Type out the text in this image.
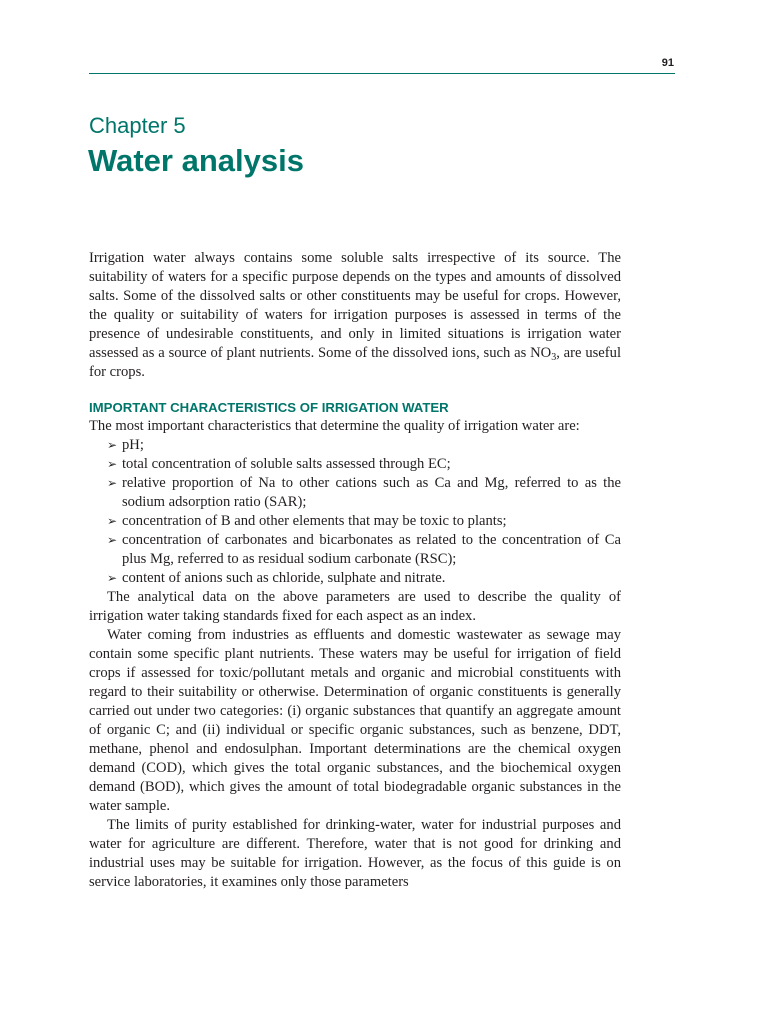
91
Chapter 5
Water analysis

Irrigation water always contains some soluble salts irrespective of its source. The suitability of waters for a specific purpose depends on the types and amounts of dissolved salts. Some of the dissolved salts or other constituents may be useful for crops. However, the quality or suitability of waters for irrigation purposes is assessed in terms of the presence of undesirable constituents, and only in limited situations is irrigation water assessed as a source of plant nutrients. Some of the dissolved ions, such as $NO_3$, are useful for crops.

IMPORTANT CHARACTERISTICS OF IRRIGATION WATER

The most important characteristics that determine the quality of irrigation water are:

➢ pH;
➢ total concentration of soluble salts assessed through EC;
➢ relative proportion of Na to other cations such as Ca and Mg, referred to as the sodium adsorption ratio (SAR);
➢ concentration of B and other elements that may be toxic to plants;
➢ concentration of carbonates and bicarbonates as related to the concentration of Ca plus Mg, referred to as residual sodium carbonate (RSC);
➢ content of anions such as chloride, sulphate and nitrate.

The analytical data on the above parameters are used to describe the quality of irrigation water taking standards fixed for each aspect as an index.

Water coming from industries as effluents and domestic wastewater as sewage may contain some specific plant nutrients. These waters may be useful for irrigation of field crops if assessed for toxic/pollutant metals and organic and microbial constituents with regard to their suitability or otherwise. Determination of organic constituents is generally carried out under two categories: (i) organic substances that quantify an aggregate amount of organic C; and (ii) individual or specific organic substances, such as benzene, DDT, methane, phenol and endosulphan. Important determinations are the chemical oxygen demand (COD), which gives the total organic substances, and the biochemical oxygen demand (BOD), which gives the amount of total biodegradable organic substances in the water sample.

The limits of purity established for drinking-water, water for industrial purposes and water for agriculture are different. Therefore, water that is not good for drinking and industrial uses may be suitable for irrigation. However, as the focus of this guide is on service laboratories, it examines only those parameters
